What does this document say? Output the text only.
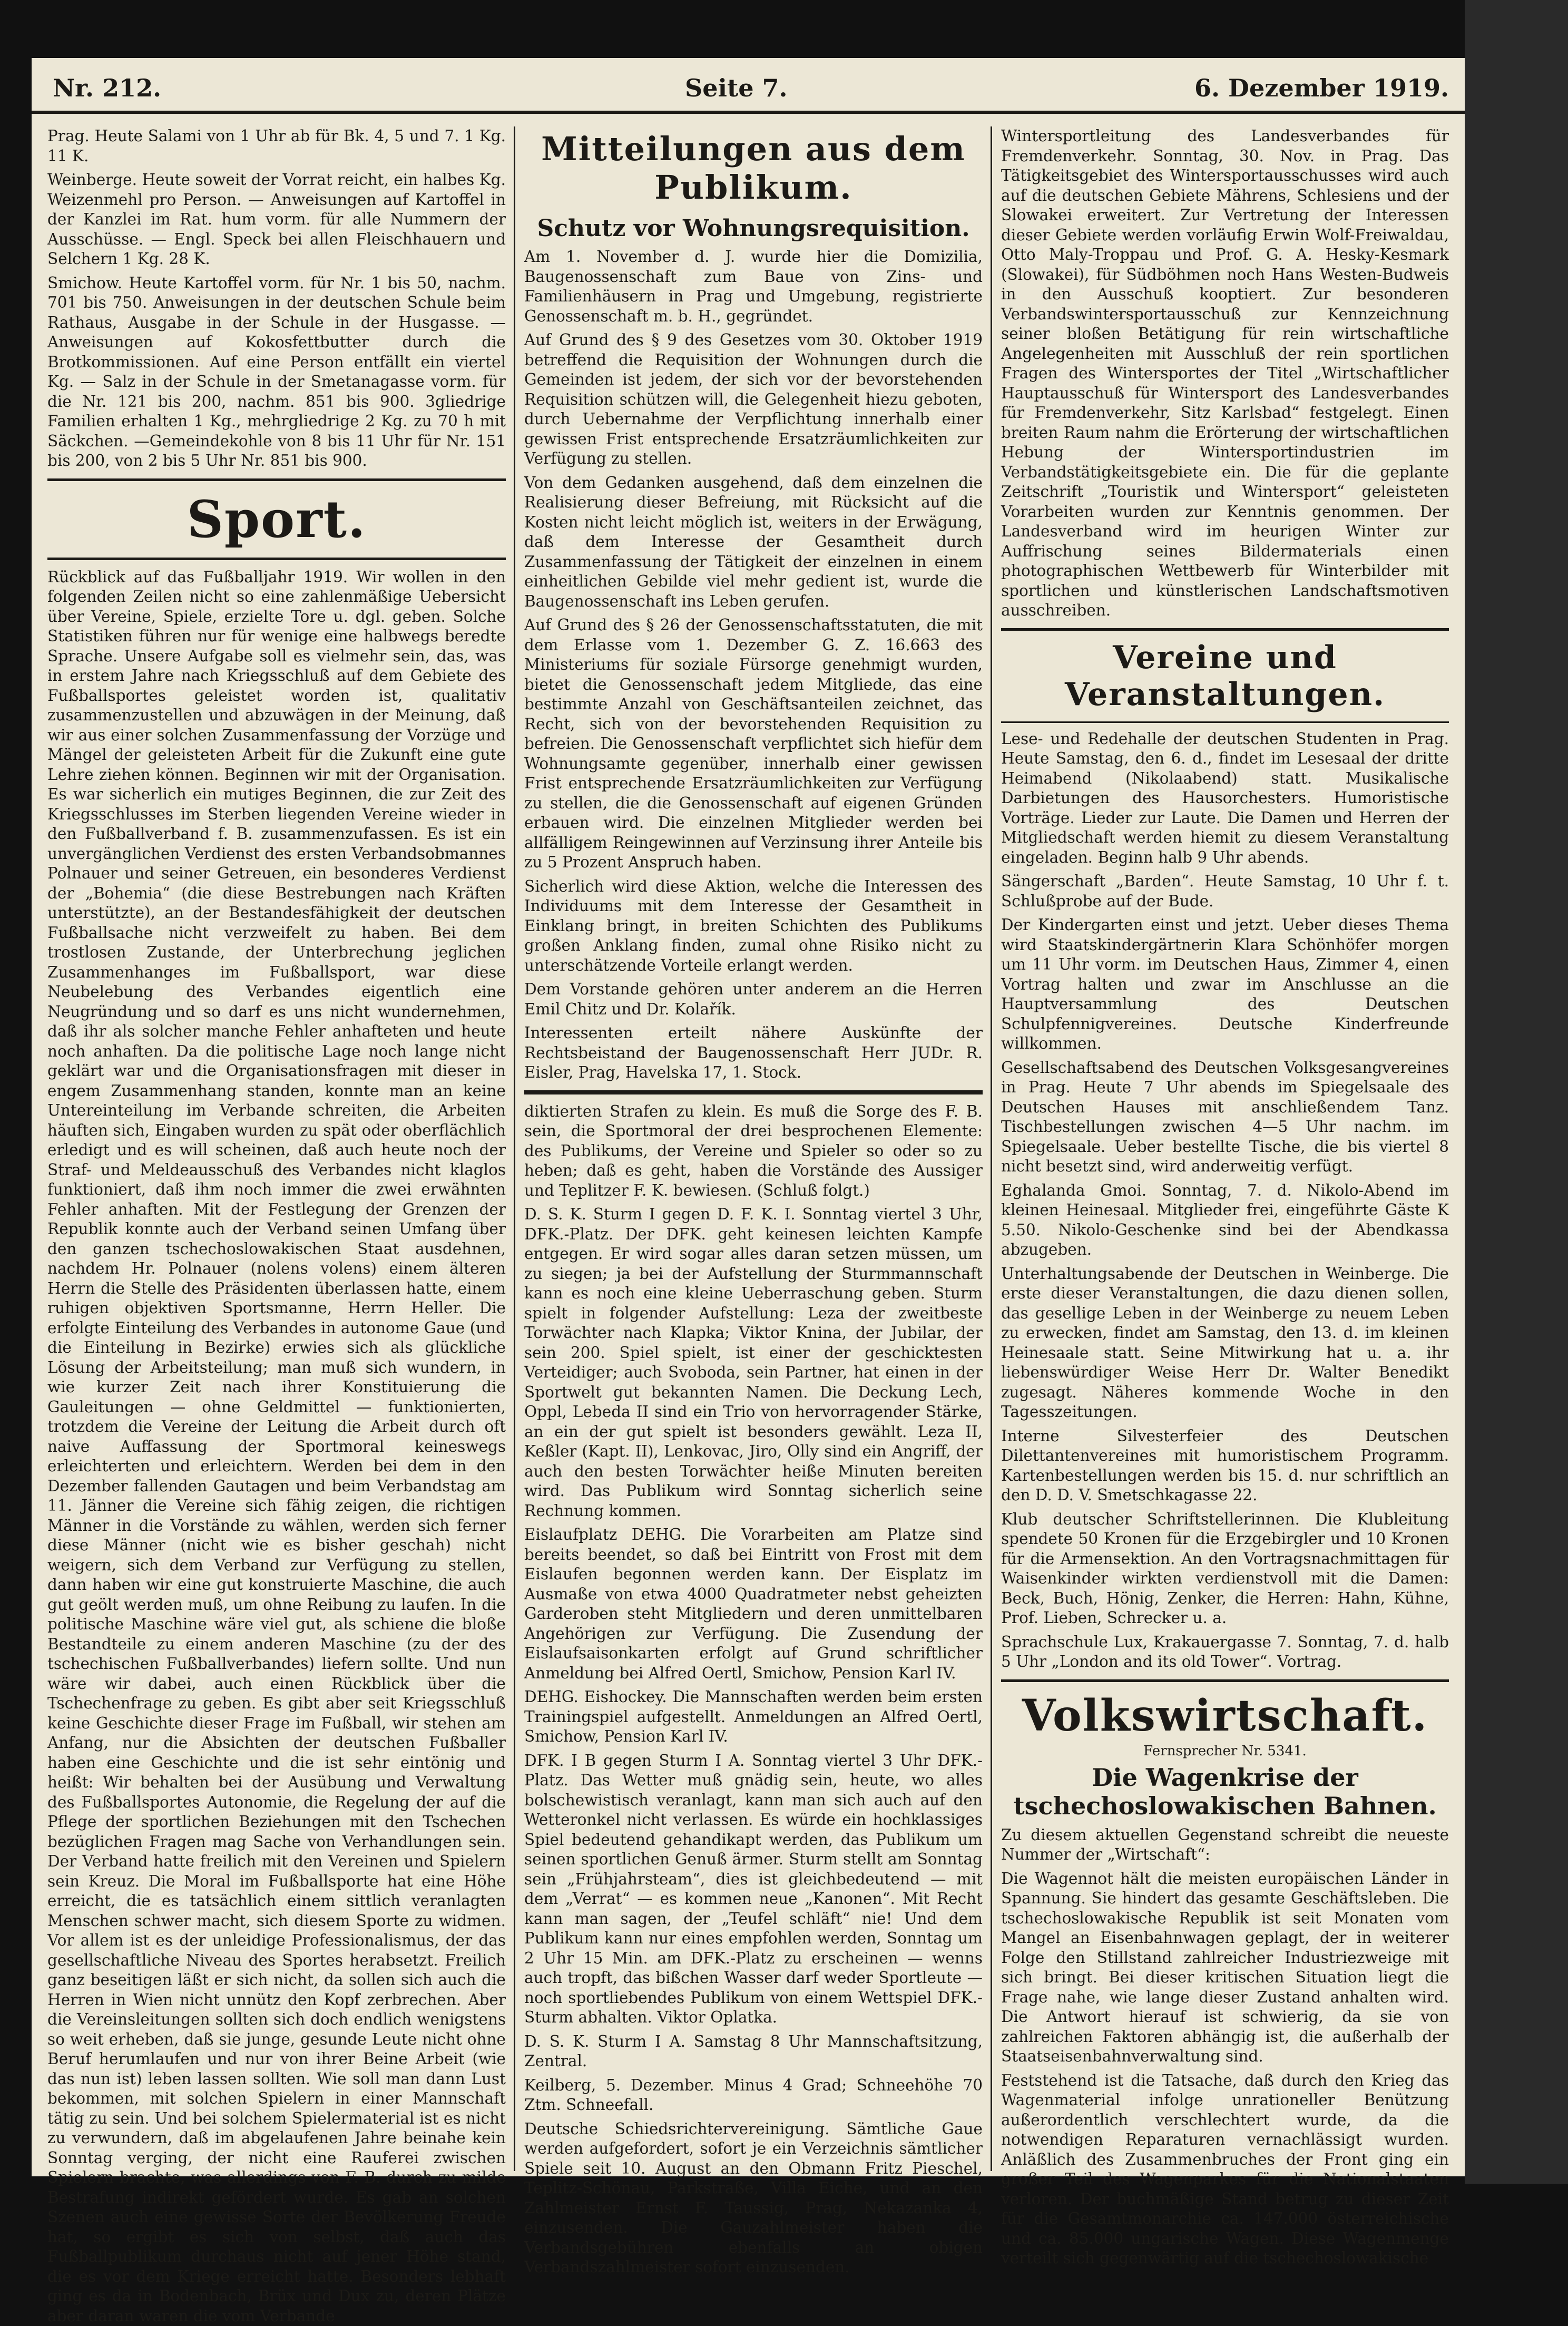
Nr. 212.	Seite 7.	6. Dezember 1919.

Prag. Heute Salami von 1 Uhr ab für Bk. 4, 5 und 7. 1 Kg. 11 K.

Weinberge. Heute soweit der Vorrat reicht, ein halbes Kg. Weizenmehl pro Person. — Anweisungen auf Kartoffel in der Kanzlei im Rat. hum vorm. für alle Nummern der Ausschüsse. — Engl. Speck bei allen Fleischhauern und Selchern 1 Kg. 28 K.

Smichow. Heute Kartoffel vorm. für Nr. 1 bis 50, nachm. 701 bis 750. Anweisungen in der deutschen Schule beim Rathaus, Ausgabe in der Schule in der Husgasse. — Anweisungen auf Kokosfettbutter durch die Brotkommissionen. Auf eine Person entfällt ein viertel Kg. — Salz in der Schule in der Smetanagasse vorm. für die Nr. 121 bis 200, nachm. 851 bis 900. 3gliedrige Familien erhalten 1 Kg., mehrgliedrige 2 Kg. zu 70 h mit Säckchen. —Gemeindekohle von 8 bis 11 Uhr für Nr. 151 bis 200, von 2 bis 5 Uhr Nr. 851 bis 900.

Sport.

Rückblick auf das Fußballjahr 1919. Wir wollen in den folgenden Zeilen nicht so eine zahlenmäßige Uebersicht über Vereine, Spiele, erzielte Tore u. dgl. geben. Solche Statistiken führen nur für wenige eine halbwegs beredte Sprache. Unsere Aufgabe soll es vielmehr sein, das, was in erstem Jahre nach Kriegsschluß auf dem Gebiete des Fußballsportes geleistet worden ist, qualitativ zusammenzustellen und abzuwägen in der Meinung, daß wir aus einer solchen Zusammenfassung der Vorzüge und Mängel der geleisteten Arbeit für die Zukunft eine gute Lehre ziehen können. Beginnen wir mit der Organisation. Es war sicherlich ein mutiges Beginnen, die zur Zeit des Kriegsschlusses im Sterben liegenden Vereine wieder in den Fußballverband f. B. zusammenzufassen. Es ist ein unvergänglichen Verdienst des ersten Verbandsobmannes Polnauer und seiner Getreuen, ein besonderes Verdienst der „Bohemia“ (die diese Bestrebungen nach Kräften unterstützte), an der Bestandesfähigkeit der deutschen Fußballsache nicht verzweifelt zu haben. Bei dem trostlosen Zustande, der Unterbrechung jeglichen Zusammenhanges im Fußballsport, war diese Neubelebung des Verbandes eigentlich eine Neugründung und so darf es uns nicht wundernehmen, daß ihr als solcher manche Fehler anhafteten und heute noch anhaften. Da die politische Lage noch lange nicht geklärt war und die Organisationsfragen mit dieser in engem Zusammenhang standen, konnte man an keine Untereinteilung im Verbande schreiten, die Arbeiten häuften sich, Eingaben wurden zu spät oder oberflächlich erledigt und es will scheinen, daß auch heute noch der Straf- und Meldeausschuß des Verbandes nicht klaglos funktioniert, daß ihm noch immer die zwei erwähnten Fehler anhaften. Mit der Festlegung der Grenzen der Republik konnte auch der Verband seinen Umfang über den ganzen tschechoslowakischen Staat ausdehnen, nachdem Hr. Polnauer (nolens volens) einem älteren Herrn die Stelle des Präsidenten überlassen hatte, einem ruhigen objektiven Sportsmanne, Herrn Heller. Die erfolgte Einteilung des Verbandes in autonome Gaue (und die Einteilung in Bezirke) erwies sich als glückliche Lösung der Arbeitsteilung; man muß sich wundern, in wie kurzer Zeit nach ihrer Konstituierung die Gauleitungen — ohne Geldmittel — funktionierten, trotzdem die Vereine der Leitung die Arbeit durch oft naive Auffassung der Sportmoral keineswegs erleichterten und erleichtern. Werden bei dem in den Dezember fallenden Gautagen und beim Verbandstag am 11. Jänner die Vereine sich fähig zeigen, die richtigen Männer in die Vorstände zu wählen, werden sich ferner diese Männer (nicht wie es bisher geschah) nicht weigern, sich dem Verband zur Verfügung zu stellen, dann haben wir eine gut konstruierte Maschine, die auch gut geölt werden muß, um ohne Reibung zu laufen. In die politische Maschine wäre viel gut, als schiene die bloße Bestandteile zu einem anderen Maschine (zu der des tschechischen Fußballverbandes) liefern sollte. Und nun wäre wir dabei, auch einen Rückblick über die Tschechenfrage zu geben. Es gibt aber seit Kriegsschluß keine Geschichte dieser Frage im Fußball, wir stehen am Anfang, nur die Absichten der deutschen Fußballer haben eine Geschichte und die ist sehr eintönig und heißt: Wir behalten bei der Ausübung und Verwaltung des Fußballsportes Autonomie, die Regelung der auf die Pflege der sportlichen Beziehungen mit den Tschechen bezüglichen Fragen mag Sache von Verhandlungen sein. Der Verband hatte freilich mit den Vereinen und Spielern sein Kreuz. Die Moral im Fußballsporte hat eine Höhe erreicht, die es tatsächlich einem sittlich veranlagten Menschen schwer macht, sich diesem Sporte zu widmen. Vor allem ist es der unleidige Professionalismus, der das gesellschaftliche Niveau des Sportes herabsetzt. Freilich ganz beseitigen läßt er sich nicht, da sollen sich auch die Herren in Wien nicht unnütz den Kopf zerbrechen. Aber die Vereinsleitungen sollten sich doch endlich wenigstens so weit erheben, daß sie junge, gesunde Leute nicht ohne Beruf herumlaufen und nur von ihrer Beine Arbeit (wie das nun ist) leben lassen sollten. Wie soll man dann Lust bekommen, mit solchen Spielern in einer Mannschaft tätig zu sein. Und bei solchem Spielermaterial ist es nicht zu verwundern, daß im abgelaufenen Jahre beinahe kein Sonntag verging, der nicht eine Rauferei zwischen Spielern brachte, was allerdings von F. B. durch zu milde Bestrafung indirekt gefördert wurde. Es gab an solchen Szenen auch eine gewisse Sorte der Bevölkerung Freude hat, so ergibt es sich von selbst, daß auch das Fußballpublikum durchaus nicht auf jener Höhe stand, die es vor dem Kriege erreicht hatte. Besonders lebhaft ging es da in Bodenbach, Brüx und Dux zu, deren Plätze aber daran waren die vom Verbande

Mitteilungen aus dem Publikum.
Schutz vor Wohnungsrequisition.

Am 1. November d. J. wurde hier die Domizilia, Baugenossenschaft zum Baue von Zins- und Familienhäusern in Prag und Umgebung, registrierte Genossenschaft m. b. H., gegründet.

Auf Grund des § 9 des Gesetzes vom 30. Oktober 1919 betreffend die Requisition der Wohnungen durch die Gemeinden ist jedem, der sich vor der bevorstehenden Requisition schützen will, die Gelegenheit hiezu geboten, durch Uebernahme der Verpflichtung innerhalb einer gewissen Frist entsprechende Ersatzräumlichkeiten zur Verfügung zu stellen.

Von dem Gedanken ausgehend, daß dem einzelnen die Realisierung dieser Befreiung, mit Rücksicht auf die Kosten nicht leicht möglich ist, weiters in der Erwägung, daß dem Interesse der Gesamtheit durch Zusammenfassung der Tätigkeit der einzelnen in einem einheitlichen Gebilde viel mehr gedient ist, wurde die Baugenossenschaft ins Leben gerufen.

Auf Grund des § 26 der Genossenschaftsstatuten, die mit dem Erlasse vom 1. Dezember G. Z. 16.663 des Ministeriums für soziale Fürsorge genehmigt wurden, bietet die Genossenschaft jedem Mitgliede, das eine bestimmte Anzahl von Geschäftsanteilen zeichnet, das Recht, sich von der bevorstehenden Requisition zu befreien. Die Genossenschaft verpflichtet sich hiefür dem Wohnungsamte gegenüber, innerhalb einer gewissen Frist entsprechende Ersatzräumlichkeiten zur Verfügung zu stellen, die die Genossenschaft auf eigenen Gründen erbauen wird. Die einzelnen Mitglieder werden bei allfälligem Reingewinnen auf Verzinsung ihrer Anteile bis zu 5 Prozent Anspruch haben.

Sicherlich wird diese Aktion, welche die Interessen des Individuums mit dem Interesse der Gesamtheit in Einklang bringt, in breiten Schichten des Publikums großen Anklang finden, zumal ohne Risiko nicht zu unterschätzende Vorteile erlangt werden.

Dem Vorstande gehören unter anderem an die Herren Emil Chitz und Dr. Kolařík.

Interessenten erteilt nähere Auskünfte der Rechtsbeistand der Baugenossenschaft Herr JUDr. R. Eisler, Prag, Havelska 17, 1. Stock.

diktierten Strafen zu klein. Es muß die Sorge des F. B. sein, die Sportmoral der drei besprochenen Elemente: des Publikums, der Vereine und Spieler so oder so zu heben; daß es geht, haben die Vorstände des Aussiger und Teplitzer F. K. bewiesen. (Schluß folgt.)

D. S. K. Sturm I gegen D. F. K. I. Sonntag viertel 3 Uhr, DFK.-Platz. Der DFK. geht keinesen leichten Kampfe entgegen. Er wird sogar alles daran setzen müssen, um zu siegen; ja bei der Aufstellung der Sturmmannschaft kann es noch eine kleine Ueberraschung geben. Sturm spielt in folgender Aufstellung: Leza der zweitbeste Torwächter nach Klapka; Viktor Knina, der Jubilar, der sein 200. Spiel spielt, ist einer der geschicktesten Verteidiger; auch Svoboda, sein Partner, hat einen in der Sportwelt gut bekannten Namen. Die Deckung Lech, Oppl, Lebeda II sind ein Trio von hervorragender Stärke, an ein der gut spielt ist besonders gewählt. Leza II, Keßler (Kapt. II), Lenkovac, Jiro, Olly sind ein Angriff, der auch den besten Torwächter heiße Minuten bereiten wird. Das Publikum wird Sonntag sicherlich seine Rechnung kommen.

Eislaufplatz DEHG. Die Vorarbeiten am Platze sind bereits beendet, so daß bei Eintritt von Frost mit dem Eislaufen begonnen werden kann. Der Eisplatz im Ausmaße von etwa 4000 Quadratmeter nebst geheizten Garderoben steht Mitgliedern und deren unmittelbaren Angehörigen zur Verfügung. Die Zusendung der Eislaufsaisonkarten erfolgt auf Grund schriftlicher Anmeldung bei Alfred Oertl, Smichow, Pension Karl IV.

DEHG. Eishockey. Die Mannschaften werden beim ersten Trainingspiel aufgestellt. Anmeldungen an Alfred Oertl, Smichow, Pension Karl IV.

DFK. I B gegen Sturm I A. Sonntag viertel 3 Uhr DFK.-Platz. Das Wetter muß gnädig sein, heute, wo alles bolschewistisch veranlagt, kann man sich auch auf den Wetteronkel nicht verlassen. Es würde ein hochklassiges Spiel bedeutend gehandikapt werden, das Publikum um seinen sportlichen Genuß ärmer. Sturm stellt am Sonntag sein „Frühjahrsteam“, dies ist gleichbedeutend — mit dem „Verrat“ — es kommen neue „Kanonen“. Mit Recht kann man sagen, der „Teufel schläft“ nie! Und dem Publikum kann nur eines empfohlen werden, Sonntag um 2 Uhr 15 Min. am DFK.-Platz zu erscheinen — wenns auch tropft, das bißchen Wasser darf weder Sportleute — noch sportliebendes Publikum von einem Wettspiel DFK.-Sturm abhalten. Viktor Oplatka.

D. S. K. Sturm I A. Samstag 8 Uhr Mannschaftsitzung, Zentral.

Keilberg, 5. Dezember. Minus 4 Grad; Schneehöhe 70 Ztm. Schneefall.

Deutsche Schiedsrichtervereinigung. Sämtliche Gaue werden aufgefordert, sofort je ein Verzeichnis sämtlicher Spiele seit 10. August an den Obmann Fritz Pieschel, Teplitz-Schönau, Parkstraße, Villa Eiche, und an den Zahlmeister Ernst F. Taussig, Prag, Nekazanka 4, einzusenden. Die Gauzahlmeister haben die Verbandsgebühren ebenfalls an obigen Verbandszahlmeister sofort einzusenden.

Wintersportleitung des Landesverbandes für Fremdenverkehr. Sonntag, 30. Nov. in Prag. Das Tätigkeitsgebiet des Wintersportausschusses wird auch auf die deutschen Gebiete Mährens, Schlesiens und der Slowakei erweitert. Zur Vertretung der Interessen dieser Gebiete werden vorläufig Erwin Wolf-Freiwaldau, Otto Maly-Troppau und Prof. G. A. Hesky-Kesmark (Slowakei), für Südböhmen noch Hans Westen-Budweis in den Ausschuß kooptiert. Zur besonderen Verbandswintersportausschuß zur Kennzeichnung seiner bloßen Betätigung für rein wirtschaftliche Angelegenheiten mit Ausschluß der rein sportlichen Fragen des Wintersportes der Titel „Wirtschaftlicher Hauptausschuß für Wintersport des Landesverbandes für Fremdenverkehr, Sitz Karlsbad“ festgelegt. Einen breiten Raum nahm die Erörterung der wirtschaftlichen Hebung der Wintersportindustrien im Verbandstätigkeitsgebiete ein. Die für die geplante Zeitschrift „Touristik und Wintersport“ geleisteten Vorarbeiten wurden zur Kenntnis genommen. Der Landesverband wird im heurigen Winter zur Auffrischung seines Bildermaterials einen photographischen Wettbewerb für Winterbilder mit sportlichen und künstlerischen Landschaftsmotiven ausschreiben.

Vereine und Veranstaltungen.

Lese- und Redehalle der deutschen Studenten in Prag. Heute Samstag, den 6. d., findet im Lesesaal der dritte Heimabend (Nikolaabend) statt. Musikalische Darbietungen des Hausorchesters. Humoristische Vorträge. Lieder zur Laute. Die Damen und Herren der Mitgliedschaft werden hiemit zu diesem Veranstaltung eingeladen. Beginn halb 9 Uhr abends.

Sängerschaft „Barden“. Heute Samstag, 10 Uhr f. t. Schlußprobe auf der Bude.

Der Kindergarten einst und jetzt. Ueber dieses Thema wird Staatskindergärtnerin Klara Schönhöfer morgen um 11 Uhr vorm. im Deutschen Haus, Zimmer 4, einen Vortrag halten und zwar im Anschlusse an die Hauptversammlung des Deutschen Schulpfennigvereines. Deutsche Kinderfreunde willkommen.

Gesellschaftsabend des Deutschen Volksgesangvereines in Prag. Heute 7 Uhr abends im Spiegelsaale des Deutschen Hauses mit anschließendem Tanz. Tischbestellungen zwischen 4—5 Uhr nachm. im Spiegelsaale. Ueber bestellte Tische, die bis viertel 8 nicht besetzt sind, wird anderweitig verfügt.

Eghalanda Gmoi. Sonntag, 7. d. Nikolo-Abend im kleinen Heinesaal. Mitglieder frei, eingeführte Gäste K 5.50. Nikolo-Geschenke sind bei der Abendkassa abzugeben.

Unterhaltungsabende der Deutschen in Weinberge. Die erste dieser Veranstaltungen, die dazu dienen sollen, das gesellige Leben in der Weinberge zu neuem Leben zu erwecken, findet am Samstag, den 13. d. im kleinen Heinesaale statt. Seine Mitwirkung hat u. a. ihr liebenswürdiger Weise Herr Dr. Walter Benedikt zugesagt. Näheres kommende Woche in den Tagesszeitungen.

Interne Silvesterfeier des Deutschen Dilettantenvereines mit humoristischem Programm. Kartenbestellungen werden bis 15. d. nur schriftlich an den D. D. V. Smetschkagasse 22.

Klub deutscher Schriftstellerinnen. Die Klubleitung spendete 50 Kronen für die Erzgebirgler und 10 Kronen für die Armensektion. An den Vortragsnachmittagen für Waisenkinder wirkten verdienstvoll mit die Damen: Beck, Buch, Hönig, Zenker, die Herren: Hahn, Kühne, Prof. Lieben, Schrecker u. a.

Sprachschule Lux, Krakauergasse 7. Sonntag, 7. d. halb 5 Uhr „London and its old Tower“. Vortrag.

Volkswirtschaft.
Fernsprecher Nr. 5341.
Die Wagenkrise der tschechoslowakischen Bahnen.

Zu diesem aktuellen Gegenstand schreibt die neueste Nummer der „Wirtschaft“:

Die Wagennot hält die meisten europäischen Länder in Spannung. Sie hindert das gesamte Geschäftsleben. Die tschechoslowakische Republik ist seit Monaten vom Mangel an Eisenbahnwagen geplagt, der in weiterer Folge den Stillstand zahlreicher Industriezweige mit sich bringt. Bei dieser kritischen Situation liegt die Frage nahe, wie lange dieser Zustand anhalten wird. Die Antwort hierauf ist schwierig, da sie von zahlreichen Faktoren abhängig ist, die außerhalb der Staatseisenbahnverwaltung sind.

Feststehend ist die Tatsache, daß durch den Krieg das Wagenmaterial infolge unrationeller Benützung außerordentlich verschlechtert wurde, da die notwendigen Reparaturen vernachlässigt wurden. Anläßlich des Zusammenbruches der Front ging ein großer Teil des Wagenparkes für die Nationalstaaten verloren. Der buchmäßige Stand betrug zu dieser Zeit für die Gesamtmonarchie ca. 147.000 österreichische und ca. 85.000 ungarische Wagen. Diese Wagenmenge verteilt sich gegenwärtig auf die tschechoslowakische
